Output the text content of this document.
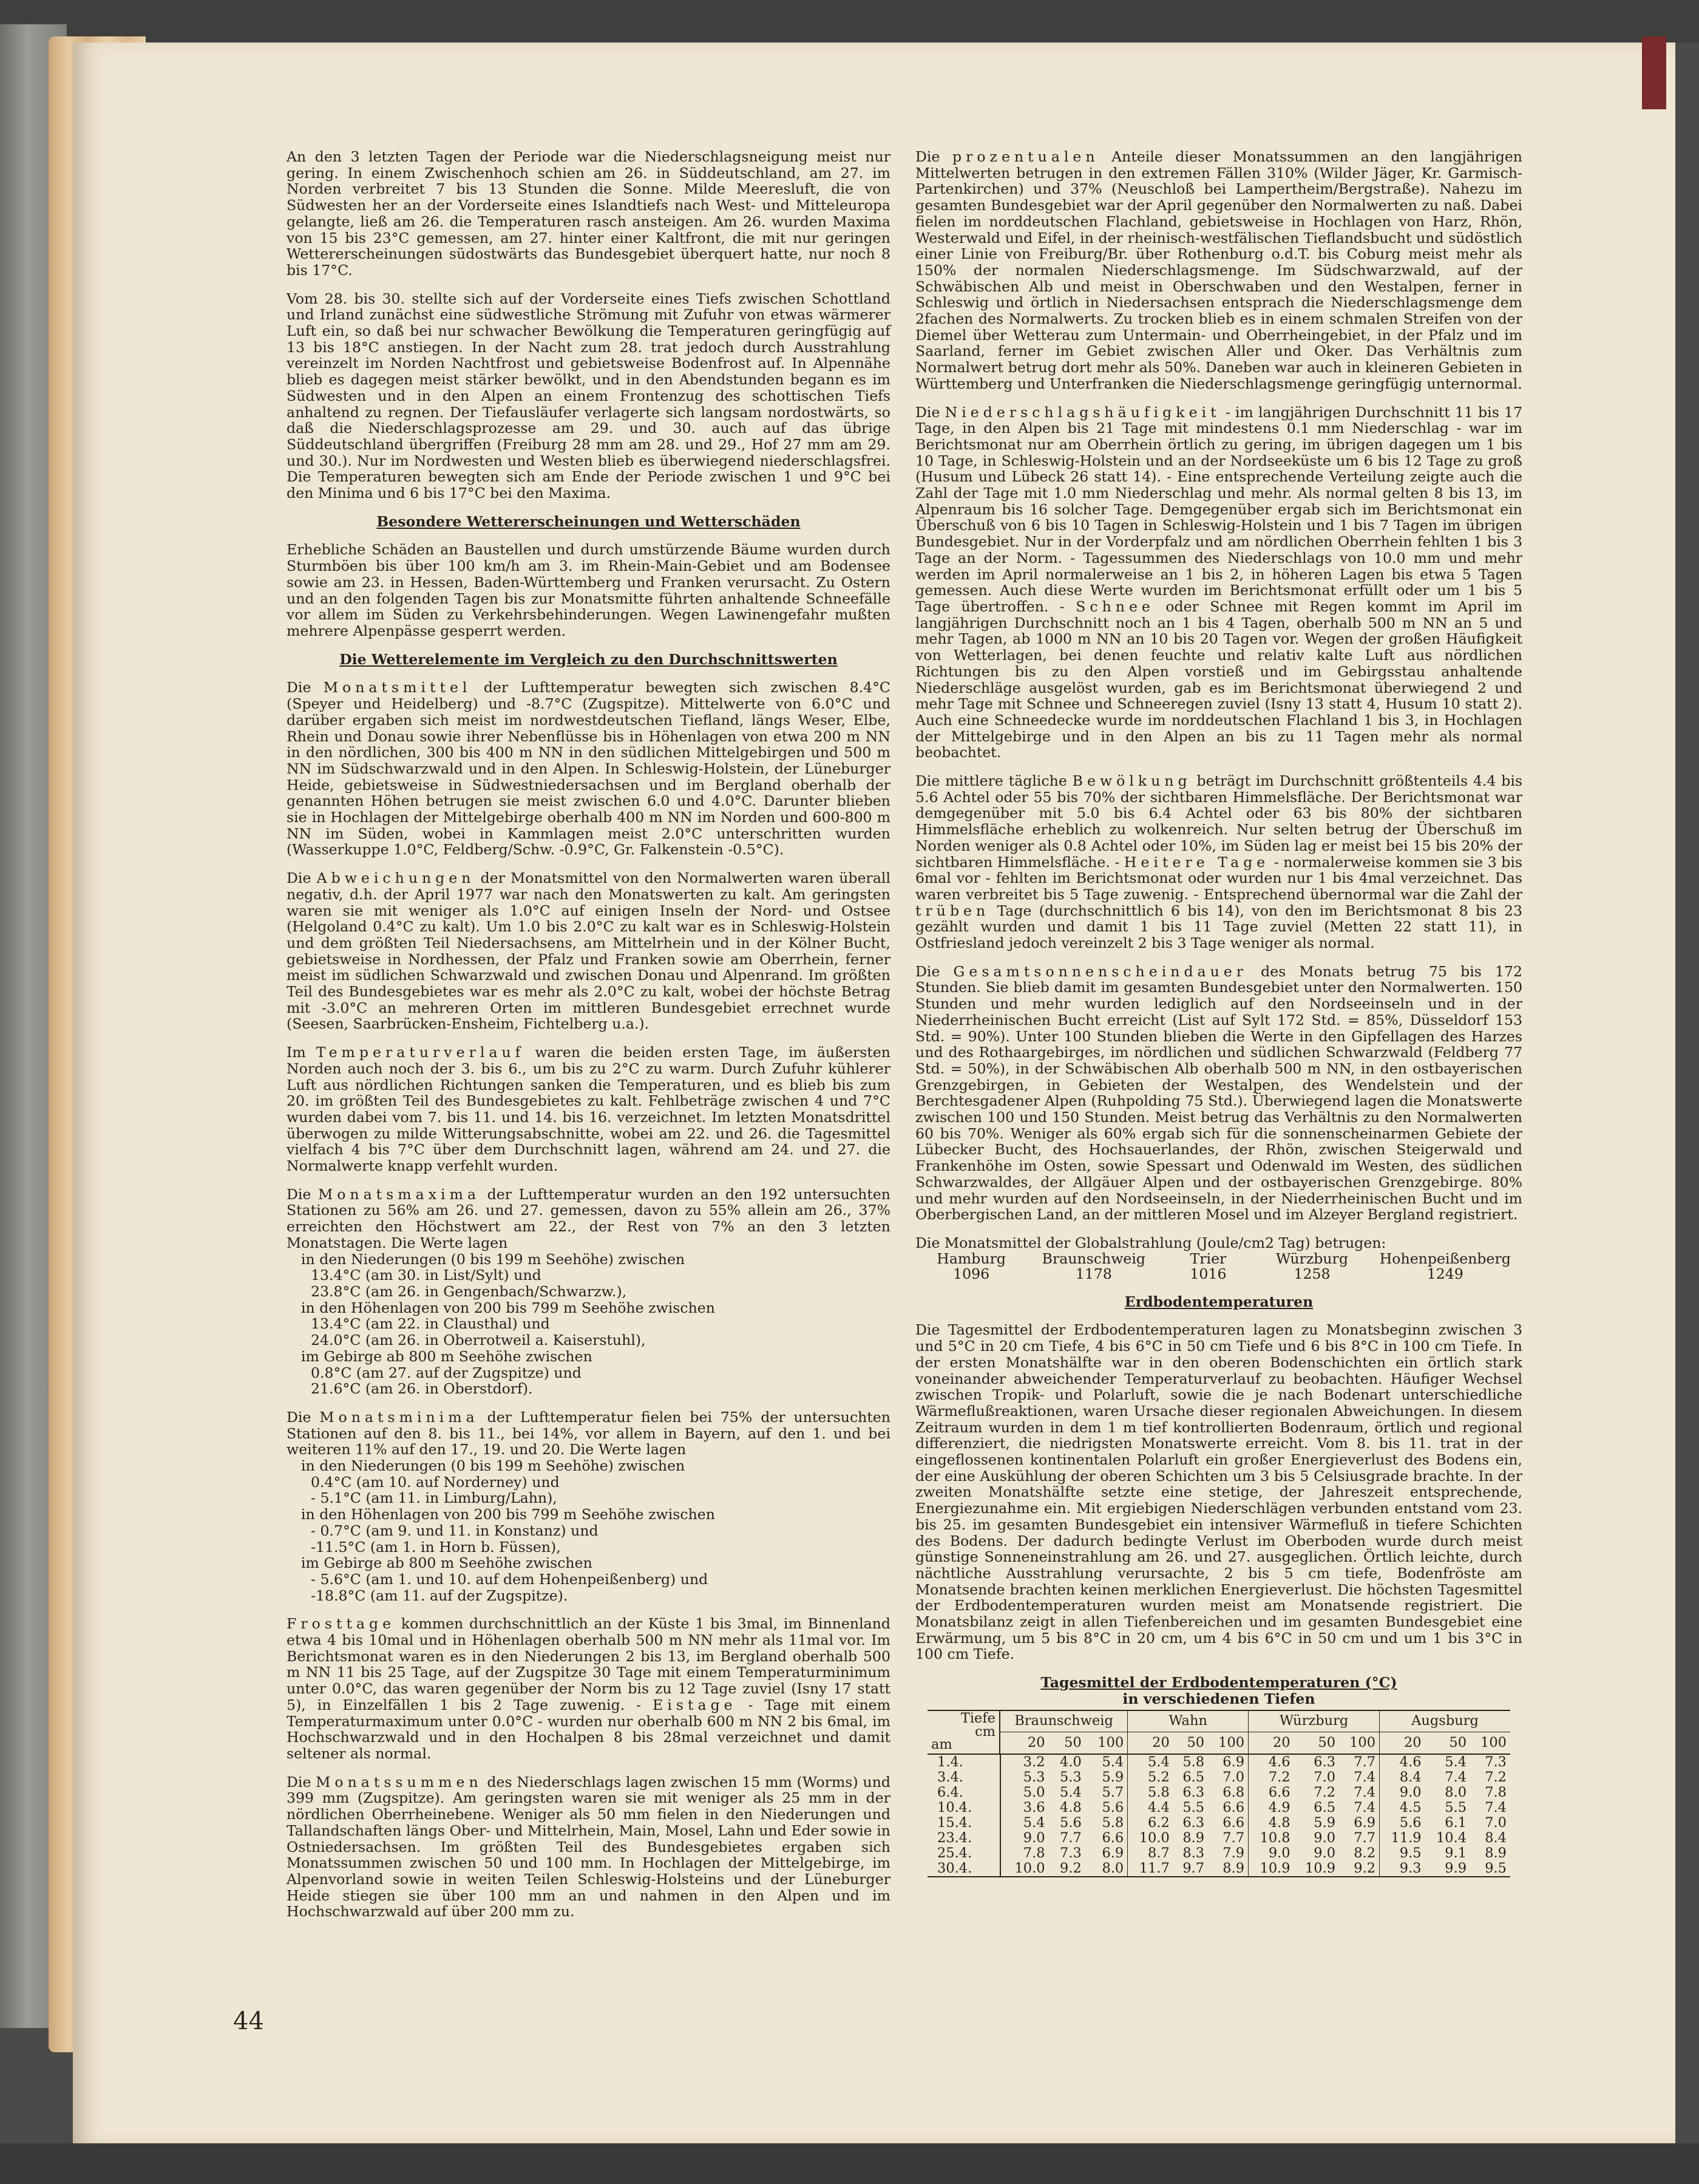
An den 3 letzten Tagen der Periode war die Niederschlagsneigung meist nur gering. In einem Zwischenhoch schien am 26. in Süddeutschland, am 27. im Norden verbreitet 7 bis 13 Stunden die Sonne. Milde Meeresluft, die von Südwesten her an der Vorderseite eines Islandtiefs nach West- und Mitteleuropa gelangte, ließ am 26. die Temperaturen rasch ansteigen. Am 26. wurden Maxima von 15 bis 23°C gemessen, am 27. hinter einer Kaltfront, die mit nur geringen Wettererscheinungen südostwärts das Bundesgebiet überquert hatte, nur noch 8 bis 17°C.

Vom 28. bis 30. stellte sich auf der Vorderseite eines Tiefs zwischen Schottland und Irland zunächst eine südwestliche Strömung mit Zufuhr von etwas wärmerer Luft ein, so daß bei nur schwacher Bewölkung die Temperaturen geringfügig auf 13 bis 18°C anstiegen. In der Nacht zum 28. trat jedoch durch Ausstrahlung vereinzelt im Norden Nachtfrost und gebietsweise Bodenfrost auf. In Alpennähe blieb es dagegen meist stärker bewölkt, und in den Abendstunden begann es im Südwesten und in den Alpen an einem Frontenzug des schottischen Tiefs anhaltend zu regnen. Der Tiefausläufer verlagerte sich langsam nordostwärts, so daß die Niederschlagsprozesse am 29. und 30. auch auf das übrige Süddeutschland übergriffen (Freiburg 28 mm am 28. und 29., Hof 27 mm am 29. und 30.). Nur im Nordwesten und Westen blieb es überwiegend niederschlagsfrei. Die Temperaturen bewegten sich am Ende der Periode zwischen 1 und 9°C bei den Minima und 6 bis 17°C bei den Maxima.

Besondere Wettererscheinungen und Wetterschäden

Erhebliche Schäden an Baustellen und durch umstürzende Bäume wurden durch Sturmböen bis über 100 km/h am 3. im Rhein-Main-Gebiet und am Bodensee sowie am 23. in Hessen, Baden-Württemberg und Franken verursacht. Zu Ostern und an den folgenden Tagen bis zur Monatsmitte führten anhaltende Schneefälle vor allem im Süden zu Verkehrsbehinderungen. Wegen Lawinengefahr mußten mehrere Alpenpässe gesperrt werden.

Die Wetterelemente im Vergleich zu den Durchschnittswerten

Die Monatsmittel der Lufttemperatur bewegten sich zwischen 8.4°C (Speyer und Heidelberg) und -8.7°C (Zugspitze). Mittelwerte von 6.0°C und darüber ergaben sich meist im nordwestdeutschen Tiefland, längs Weser, Elbe, Rhein und Donau sowie ihrer Nebenflüsse bis in Höhenlagen von etwa 200 m NN in den nördlichen, 300 bis 400 m NN in den südlichen Mittelgebirgen und 500 m NN im Südschwarzwald und in den Alpen. In Schleswig-Holstein, der Lüneburger Heide, gebietsweise in Südwestniedersachsen und im Bergland oberhalb der genannten Höhen betrugen sie meist zwischen 6.0 und 4.0°C. Darunter blieben sie in Hochlagen der Mittelgebirge oberhalb 400 m NN im Norden und 600-800 m NN im Süden, wobei in Kammlagen meist 2.0°C unterschritten wurden (Wasserkuppe 1.0°C, Feldberg/Schw. -0.9°C, Gr. Falkenstein -0.5°C).

Die Abweichungen der Monatsmittel von den Normalwerten waren überall negativ, d.h. der April 1977 war nach den Monatswerten zu kalt. Am geringsten waren sie mit weniger als 1.0°C auf einigen Inseln der Nord- und Ostsee (Helgoland 0.4°C zu kalt). Um 1.0 bis 2.0°C zu kalt war es in Schleswig-Holstein und dem größten Teil Niedersachsens, am Mittelrhein und in der Kölner Bucht, gebietsweise in Nordhessen, der Pfalz und Franken sowie am Oberrhein, ferner meist im südlichen Schwarzwald und zwischen Donau und Alpenrand. Im größten Teil des Bundesgebietes war es mehr als 2.0°C zu kalt, wobei der höchste Betrag mit -3.0°C an mehreren Orten im mittleren Bundesgebiet errechnet wurde (Seesen, Saarbrücken-Ensheim, Fichtelberg u.a.).

Im Temperaturverlauf waren die beiden ersten Tage, im äußersten Norden auch noch der 3. bis 6., um bis zu 2°C zu warm. Durch Zufuhr kühlerer Luft aus nördlichen Richtungen sanken die Temperaturen, und es blieb bis zum 20. im größten Teil des Bundesgebietes zu kalt. Fehlbeträge zwischen 4 und 7°C wurden dabei vom 7. bis 11. und 14. bis 16. verzeichnet. Im letzten Monatsdrittel überwogen zu milde Witterungsabschnitte, wobei am 22. und 26. die Tagesmittel vielfach 4 bis 7°C über dem Durchschnitt lagen, während am 24. und 27. die Normalwerte knapp verfehlt wurden.

Die Monatsmaxima der Lufttemperatur wurden an den 192 untersuchten Stationen zu 56% am 26. und 27. gemessen, davon zu 55% allein am 26., 37% erreichten den Höchstwert am 22., der Rest von 7% an den 3 letzten Monatstagen. Die Werte lagen

in den Niederungen (0 bis 199 m Seehöhe) zwischen
13.4°C (am 30. in List/Sylt) und
23.8°C (am 26. in Gengenbach/Schwarzw.),
in den Höhenlagen von 200 bis 799 m Seehöhe zwischen
13.4°C (am 22. in Clausthal) und
24.0°C (am 26. in Oberrotweil a. Kaiserstuhl),
im Gebirge ab 800 m Seehöhe zwischen
0.8°C (am 27. auf der Zugspitze) und
21.6°C (am 26. in Oberstdorf).

Die Monatsminima der Lufttemperatur fielen bei 75% der untersuchten Stationen auf den 8. bis 11., bei 14%, vor allem in Bayern, auf den 1. und bei weiteren 11% auf den 17., 19. und 20. Die Werte lagen

in den Niederungen (0 bis 199 m Seehöhe) zwischen
0.4°C (am 10. auf Norderney) und
- 5.1°C (am 11. in Limburg/Lahn),
in den Höhenlagen von 200 bis 799 m Seehöhe zwischen
- 0.7°C (am 9. und 11. in Konstanz) und
-11.5°C (am 1. in Horn b. Füssen),
im Gebirge ab 800 m Seehöhe zwischen
- 5.6°C (am 1. und 10. auf dem Hohenpeißenberg) und
-18.8°C (am 11. auf der Zugspitze).

Frosttage kommen durchschnittlich an der Küste 1 bis 3mal, im Binnenland etwa 4 bis 10mal und in Höhenlagen oberhalb 500 m NN mehr als 11mal vor. Im Berichtsmonat waren es in den Niederungen 2 bis 13, im Bergland oberhalb 500 m NN 11 bis 25 Tage, auf der Zugspitze 30 Tage mit einem Temperaturminimum unter 0.0°C, das waren gegenüber der Norm bis zu 12 Tage zuviel (Isny 17 statt 5), in Einzelfällen 1 bis 2 Tage zuwenig. - Eistage - Tage mit einem Temperaturmaximum unter 0.0°C - wurden nur oberhalb 600 m NN 2 bis 6mal, im Hochschwarzwald und in den Hochalpen 8 bis 28mal verzeichnet und damit seltener als normal.

Die Monatssummen des Niederschlags lagen zwischen 15 mm (Worms) und 399 mm (Zugspitze). Am geringsten waren sie mit weniger als 25 mm in der nördlichen Oberrheinebene. Weniger als 50 mm fielen in den Niederungen und Tallandschaften längs Ober- und Mittelrhein, Main, Mosel, Lahn und Eder sowie in Ostniedersachsen. Im größten Teil des Bundesgebietes ergaben sich Monatssummen zwischen 50 und 100 mm. In Hochlagen der Mittelgebirge, im Alpenvorland sowie in weiten Teilen Schleswig-Holsteins und der Lüneburger Heide stiegen sie über 100 mm an und nahmen in den Alpen und im Hochschwarzwald auf über 200 mm zu.

Die prozentualen Anteile dieser Monatssummen an den langjährigen Mittelwerten betrugen in den extremen Fällen 310% (Wilder Jäger, Kr. Garmisch-Partenkirchen) und 37% (Neuschloß bei Lampertheim/Bergstraße). Nahezu im gesamten Bundesgebiet war der April gegenüber den Normalwerten zu naß. Dabei fielen im norddeutschen Flachland, gebietsweise in Hochlagen von Harz, Rhön, Westerwald und Eifel, in der rheinisch-westfälischen Tieflandsbucht und südöstlich einer Linie von Freiburg/Br. über Rothenburg o.d.T. bis Coburg meist mehr als 150% der normalen Niederschlagsmenge. Im Südschwarzwald, auf der Schwäbischen Alb und meist in Oberschwaben und den Westalpen, ferner in Schleswig und örtlich in Niedersachsen entsprach die Niederschlagsmenge dem 2fachen des Normalwerts. Zu trocken blieb es in einem schmalen Streifen von der Diemel über Wetterau zum Untermain- und Oberrheingebiet, in der Pfalz und im Saarland, ferner im Gebiet zwischen Aller und Oker. Das Verhältnis zum Normalwert betrug dort mehr als 50%. Daneben war auch in kleineren Gebieten in Württemberg und Unterfranken die Niederschlagsmenge geringfügig unternormal.

Die Niederschlagshäufigkeit - im langjährigen Durchschnitt 11 bis 17 Tage, in den Alpen bis 21 Tage mit mindestens 0.1 mm Niederschlag - war im Berichtsmonat nur am Oberrhein örtlich zu gering, im übrigen dagegen um 1 bis 10 Tage, in Schleswig-Holstein und an der Nordseeküste um 6 bis 12 Tage zu groß (Husum und Lübeck 26 statt 14). - Eine entsprechende Verteilung zeigte auch die Zahl der Tage mit 1.0 mm Niederschlag und mehr. Als normal gelten 8 bis 13, im Alpenraum bis 16 solcher Tage. Demgegenüber ergab sich im Berichtsmonat ein Überschuß von 6 bis 10 Tagen in Schleswig-Holstein und 1 bis 7 Tagen im übrigen Bundesgebiet. Nur in der Vorderpfalz und am nördlichen Oberrhein fehlten 1 bis 3 Tage an der Norm. - Tagessummen des Niederschlags von 10.0 mm und mehr werden im April normalerweise an 1 bis 2, in höheren Lagen bis etwa 5 Tagen gemessen. Auch diese Werte wurden im Berichtsmonat erfüllt oder um 1 bis 5 Tage übertroffen. - Schnee oder Schnee mit Regen kommt im April im langjährigen Durchschnitt noch an 1 bis 4 Tagen, oberhalb 500 m NN an 5 und mehr Tagen, ab 1000 m NN an 10 bis 20 Tagen vor. Wegen der großen Häufigkeit von Wetterlagen, bei denen feuchte und relativ kalte Luft aus nördlichen Richtungen bis zu den Alpen vorstieß und im Gebirgsstau anhaltende Niederschläge ausgelöst wurden, gab es im Berichtsmonat überwiegend 2 und mehr Tage mit Schnee und Schneeregen zuviel (Isny 13 statt 4, Husum 10 statt 2). Auch eine Schneedecke wurde im norddeutschen Flachland 1 bis 3, in Hochlagen der Mittelgebirge und in den Alpen an bis zu 11 Tagen mehr als normal beobachtet.

Die mittlere tägliche Bewölkung beträgt im Durchschnitt größtenteils 4.4 bis 5.6 Achtel oder 55 bis 70% der sichtbaren Himmelsfläche. Der Berichtsmonat war demgegenüber mit 5.0 bis 6.4 Achtel oder 63 bis 80% der sichtbaren Himmelsfläche erheblich zu wolkenreich. Nur selten betrug der Überschuß im Norden weniger als 0.8 Achtel oder 10%, im Süden lag er meist bei 15 bis 20% der sichtbaren Himmelsfläche. - Heitere Tage - normalerweise kommen sie 3 bis 6mal vor - fehlten im Berichtsmonat oder wurden nur 1 bis 4mal verzeichnet. Das waren verbreitet bis 5 Tage zuwenig. - Entsprechend übernormal war die Zahl der trüben Tage (durchschnittlich 6 bis 14), von den im Berichtsmonat 8 bis 23 gezählt wurden und damit 1 bis 11 Tage zuviel (Metten 22 statt 11), in Ostfriesland jedoch vereinzelt 2 bis 3 Tage weniger als normal.

Die Gesamtsonnenscheindauer des Monats betrug 75 bis 172 Stunden. Sie blieb damit im gesamten Bundesgebiet unter den Normalwerten. 150 Stunden und mehr wurden lediglich auf den Nordseeinseln und in der Niederrheinischen Bucht erreicht (List auf Sylt 172 Std. = 85%, Düsseldorf 153 Std. = 90%). Unter 100 Stunden blieben die Werte in den Gipfellagen des Harzes und des Rothaargebirges, im nördlichen und südlichen Schwarzwald (Feldberg 77 Std. = 50%), in der Schwäbischen Alb oberhalb 500 m NN, in den ostbayerischen Grenzgebirgen, in Gebieten der Westalpen, des Wendelstein und der Berchtesgadener Alpen (Ruhpolding 75 Std.). Überwiegend lagen die Monatswerte zwischen 100 und 150 Stunden. Meist betrug das Verhältnis zu den Normalwerten 60 bis 70%. Weniger als 60% ergab sich für die sonnenscheinarmen Gebiete der Lübecker Bucht, des Hochsauerlandes, der Rhön, zwischen Steigerwald und Frankenhöhe im Osten, sowie Spessart und Odenwald im Westen, des südlichen Schwarzwaldes, der Allgäuer Alpen und der ostbayerischen Grenzgebirge. 80% und mehr wurden auf den Nordseeinseln, in der Niederrheinischen Bucht und im Oberbergischen Land, an der mittleren Mosel und im Alzeyer Bergland registriert.

Die Monatsmittel der Globalstrahlung (Joule/cm2 Tag) betrugen:

Hamburg	Braunschweig	Trier	Würzburg	Hohenpeißenberg
1096	1178	1016	1258	1249
Erdbodentemperaturen

Die Tagesmittel der Erdbodentemperaturen lagen zu Monatsbeginn zwischen 3 und 5°C in 20 cm Tiefe, 4 bis 6°C in 50 cm Tiefe und 6 bis 8°C in 100 cm Tiefe. In der ersten Monatshälfte war in den oberen Bodenschichten ein örtlich stark voneinander abweichender Temperaturverlauf zu beobachten. Häufiger Wechsel zwischen Tropik- und Polarluft, sowie die je nach Bodenart unterschiedliche Wärmeflußreaktionen, waren Ursache dieser regionalen Abweichungen. In diesem Zeitraum wurden in dem 1 m tief kontrollierten Bodenraum, örtlich und regional differenziert, die niedrigsten Monatswerte erreicht. Vom 8. bis 11. trat in der eingeflossenen kontinentalen Polarluft ein großer Energieverlust des Bodens ein, der eine Auskühlung der oberen Schichten um 3 bis 5 Celsiusgrade brachte. In der zweiten Monatshälfte setzte eine stetige, der Jahreszeit entsprechende, Energiezunahme ein. Mit ergiebigen Niederschlägen verbunden entstand vom 23. bis 25. im gesamten Bundesgebiet ein intensiver Wärmefluß in tiefere Schichten des Bodens. Der dadurch bedingte Verlust im Oberboden wurde durch meist günstige Sonneneinstrahlung am 26. und 27. ausgeglichen. Örtlich leichte, durch nächtliche Ausstrahlung verursachte, 2 bis 5 cm tiefe, Bodenfröste am Monatsende brachten keinen merklichen Energieverlust. Die höchsten Tagesmittel der Erdbodentemperaturen wurden meist am Monatsende registriert. Die Monatsbilanz zeigt in allen Tiefenbereichen und im gesamten Bundesgebiet eine Erwärmung, um 5 bis 8°C in 20 cm, um 4 bis 6°C in 50 cm und um 1 bis 3°C in 100 cm Tiefe.

Tagesmittel der Erdbodentemperaturen (°C)
in verschiedenen Tiefen
Tiefe
cm
am	Braunschweig			Wahn			Würzburg			Augsburg		
	20	50	100	20	50	100	20	50	100	20	50	100
1.4.	3.2	4.0	5.4	5.4	5.8	6.9	4.6	6.3	7.7	4.6	5.4	7.3
3.4.	5.3	5.3	5.9	5.2	6.5	7.0	7.2	7.0	7.4	8.4	7.4	7.2
6.4.	5.0	5.4	5.7	5.8	6.3	6.8	6.6	7.2	7.4	9.0	8.0	7.8
10.4.	3.6	4.8	5.6	4.4	5.5	6.6	4.9	6.5	7.4	4.5	5.5	7.4
15.4.	5.4	5.6	5.8	6.2	6.3	6.6	4.8	5.9	6.9	5.6	6.1	7.0
23.4.	9.0	7.7	6.6	10.0	8.9	7.7	10.8	9.0	7.7	11.9	10.4	8.4
25.4.	7.8	7.3	6.9	8.7	8.3	7.9	9.0	9.0	8.2	9.5	9.1	8.9
30.4.	10.0	9.2	8.0	11.7	9.7	8.9	10.9	10.9	9.2	9.3	9.9	9.5
44
